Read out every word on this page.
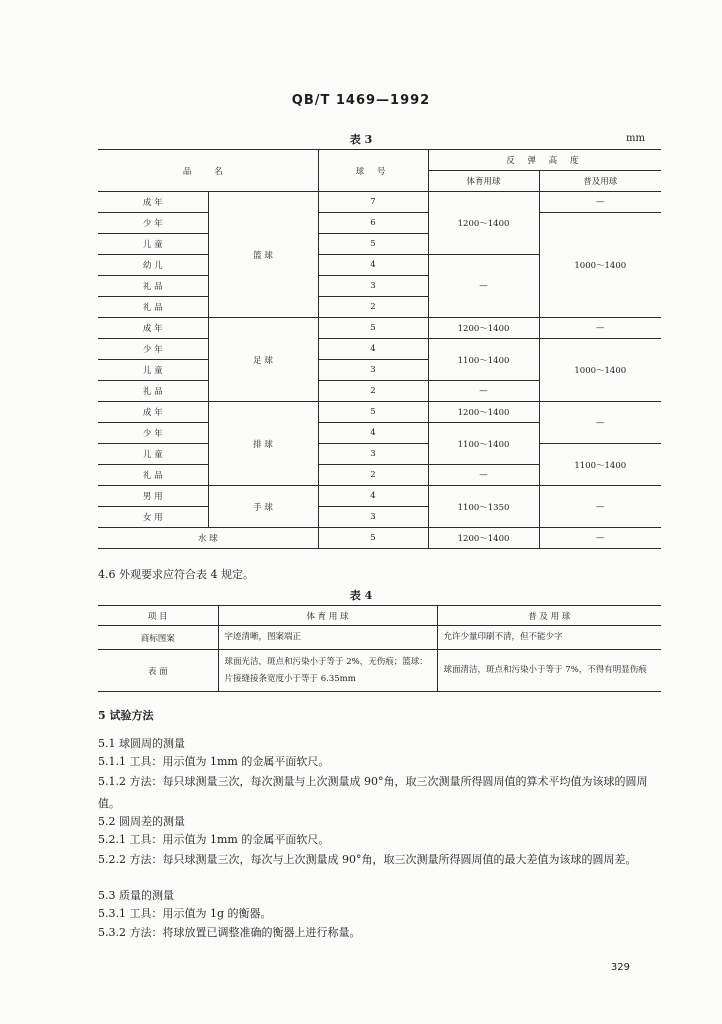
QB/T 1469—1992
表 3	mm
品 名		球 号	反 弹 高 度	
			体育用球	普及用球
成 年	篮 球	7	1200～1400	—
少 年		6		1000～1400
儿 童		5		
幼 儿		4	—	
礼 品		3		
礼 品		2		
成 年	足 球	5	1200～1400	—
少 年		4	1100～1400	1000～1400
儿 童		3		
礼 品		2	—	
成 年	排 球	5	1200～1400	—
少 年		4	1100～1400	
儿 童		3		1100～1400
礼 品		2	—	
男 用	手 球	4	1100～1350	—
女 用		3		
水 球		5	1200～1400	—
4.6 外观要求应符合表 4 规定。
表 4
项 目	体 育 用 球	普 及 用 球
商标图案	字迹清晰，图案端正	允许少量印刷不清，但不能少字
表 面	球面光洁，斑点和污染小于等于 2%，无伤痕；篮球：片接缝接条宽度小于等于 6.35mm	球面清洁，斑点和污染小于等于 7%，不得有明显伤痕
5 试验方法
5.1 球圆周的测量
5.1.1 工具：用示值为 1mm 的金属平面软尺。
5.1.2 方法：每只球测量三次，每次测量与上次测量成 90°角，取三次测量所得圆周值的算术平均值为该球的圆周值。
5.2 圆周差的测量
5.2.1 工具：用示值为 1mm 的金属平面软尺。
5.2.2 方法：每只球测量三次，每次与上次测量成 90°角，取三次测量所得圆周值的最大差值为该球的圆周差。
5.3 质量的测量
5.3.1 工具：用示值为 1g 的衡器。
5.3.2 方法：将球放置已调整准确的衡器上进行称量。
329
